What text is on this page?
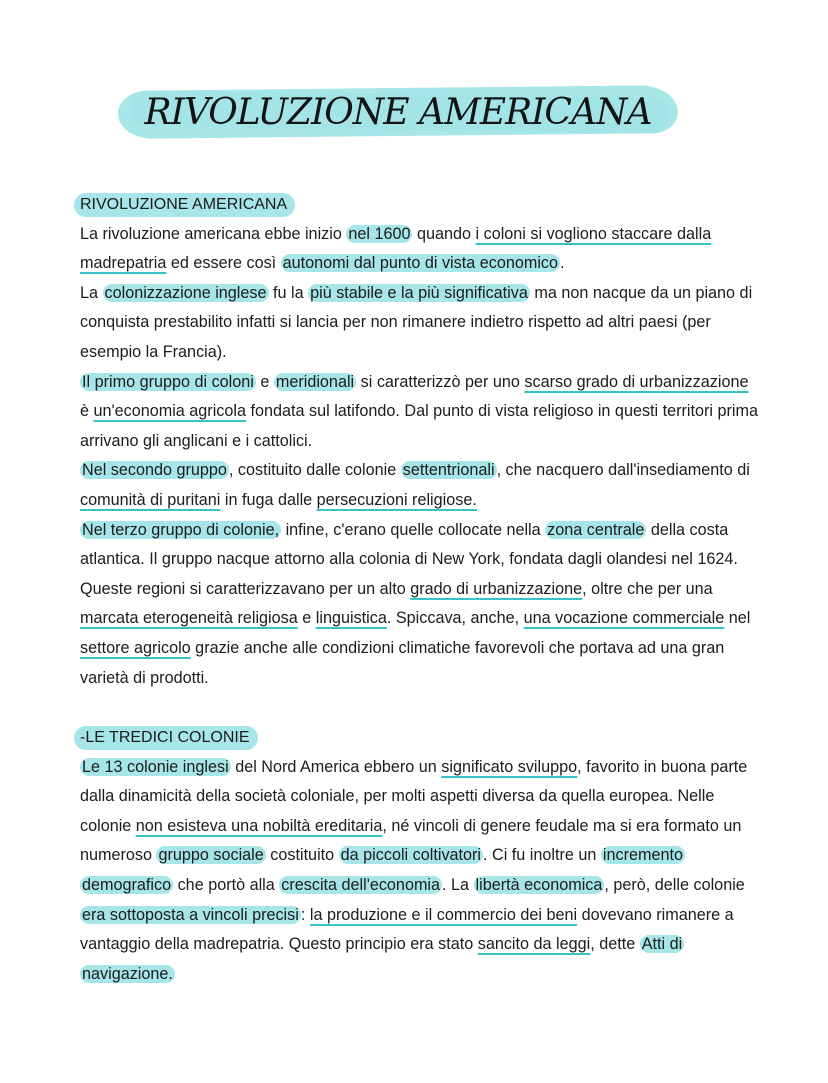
RIVOLUZIONE AMERICANA
RIVOLUZIONE AMERICANA

La rivoluzione americana ebbe inizio nel 1600 quando i coloni si vogliono staccare dalla madrepatria ed essere così autonomi dal punto di vista economico .

La colonizzazione inglese fu la più stabile e la più significativa ma non nacque da un piano di conquista prestabilito infatti si lancia per non rimanere indietro rispetto ad altri paesi (per esempio la Francia).

Il primo gruppo di coloni e meridionali si caratterizzò per uno scarso grado di urbanizzazione è un'economia agricola fondata sul latifondo. Dal punto di vista religioso in questi territori prima arrivano gli anglicani e i cattolici.

Nel secondo gruppo , costituito dalle colonie settentrionali , che nacquero dall'insediamento di comunità di puritani in fuga dalle persecuzioni religiose.

Nel terzo gruppo di colonie, infine, c'erano quelle collocate nella zona centrale della costa atlantica. Il gruppo nacque attorno alla colonia di New York, fondata dagli olandesi nel 1624. Queste regioni si caratterizzavano per un alto grado di urbanizzazione, oltre che per una marcata eterogeneità religiosa e linguistica. Spiccava, anche, una vocazione commerciale nel settore agricolo grazie anche alle condizioni climatiche favorevoli che portava ad una gran varietà di prodotti.

-LE TREDICI COLONIE

Le 13 colonie inglesi del Nord America ebbero un significato sviluppo, favorito in buona parte dalla dinamicità della società coloniale, per molti aspetti diversa da quella europea. Nelle colonie non esisteva una nobiltà ereditaria, né vincoli di genere feudale ma si era formato un numeroso gruppo sociale costituito da piccoli coltivatori . Ci fu inoltre un incremento demografico che portò alla crescita dell'economia . La libertà economica , però, delle colonie era sottoposta a vincoli precisi : la produzione e il commercio dei beni dovevano rimanere a vantaggio della madrepatria. Questo principio era stato sancito da leggi, dette Atti di navigazione.
